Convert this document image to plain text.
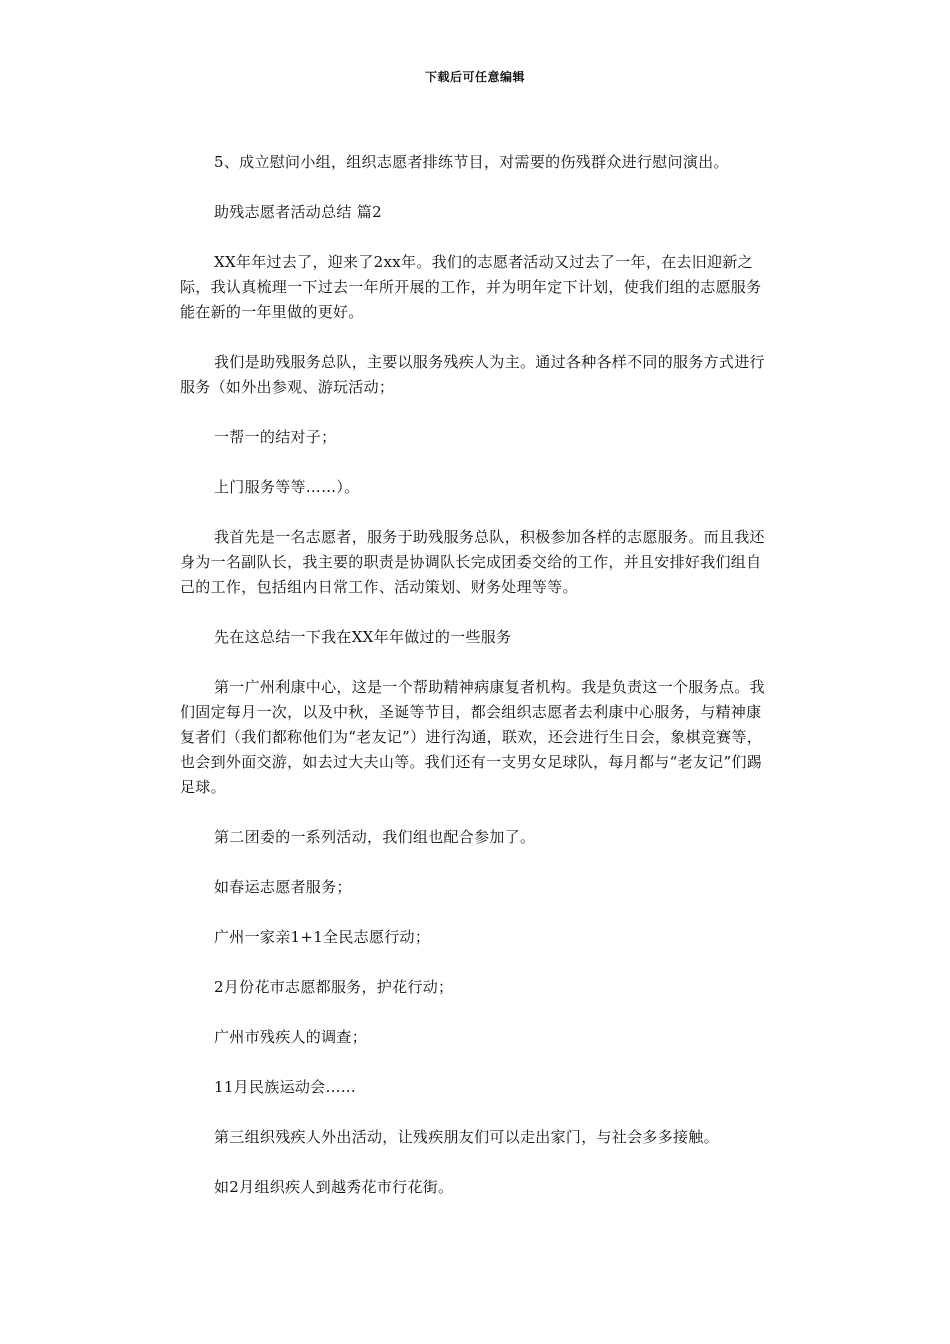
下载后可任意编辑

5、成立慰问小组，组织志愿者排练节目，对需要的伤残群众进行慰问演出。

助残志愿者活动总结 篇2

XX年年过去了，迎来了2xx年。我们的志愿者活动又过去了一年，在去旧迎新之际，我认真梳理一下过去一年所开展的工作，并为明年定下计划，使我们组的志愿服务能在新的一年里做的更好。

我们是助残服务总队，主要以服务残疾人为主。通过各种各样不同的服务方式进行服务（如外出参观、游玩活动；

一帮一的结对子；

上门服务等等……）。

我首先是一名志愿者，服务于助残服务总队，积极参加各样的志愿服务。而且我还身为一名副队长，我主要的职责是协调队长完成团委交给的工作，并且安排好我们组自己的工作，包括组内日常工作、活动策划、财务处理等等。

先在这总结一下我在XX年年做过的一些服务

第一广州利康中心，这是一个帮助精神病康复者机构。我是负责这一个服务点。我们固定每月一次，以及中秋，圣诞等节目，都会组织志愿者去利康中心服务，与精神康复者们（我们都称他们为“老友记”）进行沟通，联欢，还会进行生日会，象棋竞赛等，也会到外面交游，如去过大夫山等。我们还有一支男女足球队，每月都与“老友记”们踢足球。

第二团委的一系列活动，我们组也配合参加了。

如春运志愿者服务；

广州一家亲1+1全民志愿行动；

2月份花市志愿都服务，护花行动；

广州市残疾人的调查；

11月民族运动会……

第三组织残疾人外出活动，让残疾朋友们可以走出家门，与社会多多接触。

如2月组织疾人到越秀花市行花街。
